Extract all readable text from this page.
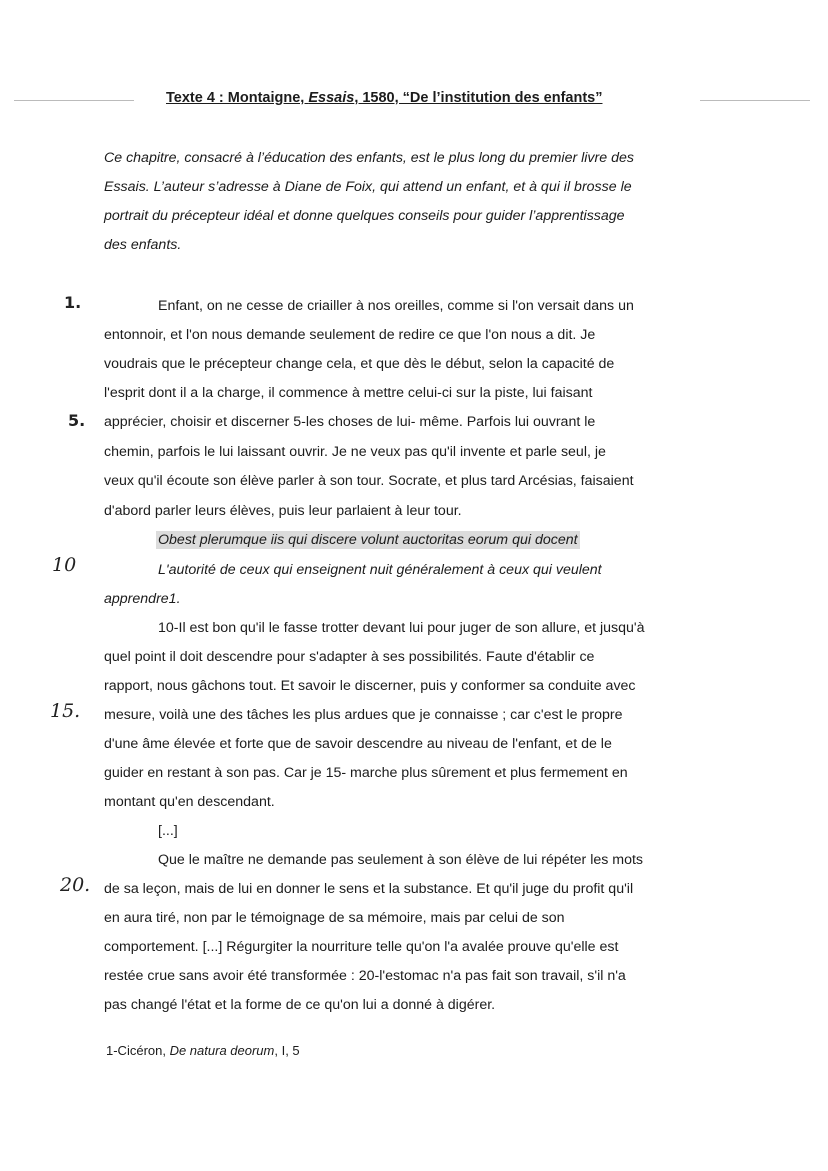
Texte 4 : Montaigne, Essais, 1580, “De l’institution des enfants”
Ce chapitre, consacré à l’éducation des enfants, est le plus long du premier livre des
Essais. L’auteur s’adresse à Diane de Foix, qui attend un enfant, et à qui il brosse le
portrait du précepteur idéal et donne quelques conseils pour guider l’apprentissage
des enfants.
Enfant, on ne cesse de criailler à nos oreilles, comme si l'on versait dans un
entonnoir, et l'on nous demande seulement de redire ce que l'on nous a dit. Je
voudrais que le précepteur change cela, et que dès le début, selon la capacité de
l'esprit dont il a la charge, il commence à mettre celui-ci sur la piste, lui faisant
apprécier, choisir et discerner 5-les choses de lui- même. Parfois lui ouvrant le
chemin, parfois le lui laissant ouvrir. Je ne veux pas qu'il invente et parle seul, je
veux qu'il écoute son élève parler à son tour. Socrate, et plus tard Arcésias, faisaient
d'abord parler leurs élèves, puis leur parlaient à leur tour.
Obest plerumque iis qui discere volunt auctoritas eorum qui docent
L'autorité de ceux qui enseignent nuit généralement à ceux qui veulent
apprendre1.
10-Il est bon qu'il le fasse trotter devant lui pour juger de son allure, et jusqu'à
quel point il doit descendre pour s'adapter à ses possibilités. Faute d'établir ce
rapport, nous gâchons tout. Et savoir le discerner, puis y conformer sa conduite avec
mesure, voilà une des tâches les plus ardues que je connaisse ; car c'est le propre
d'une âme élevée et forte que de savoir descendre au niveau de l'enfant, et de le
guider en restant à son pas. Car je 15- marche plus sûrement et plus fermement en
montant qu'en descendant.
[...]
Que le maître ne demande pas seulement à son élève de lui répéter les mots
de sa leçon, mais de lui en donner le sens et la substance. Et qu'il juge du profit qu'il
en aura tiré, non par le témoignage de sa mémoire, mais par celui de son
comportement. [...] Régurgiter la nourriture telle qu'on l'a avalée prouve qu'elle est
restée crue sans avoir été transformée : 20-l'estomac n'a pas fait son travail, s'il n'a
pas changé l'état et la forme de ce qu'on lui a donné à digérer.
1.
5.
10
15.
20.
1-Cicéron, De natura deorum, I, 5
